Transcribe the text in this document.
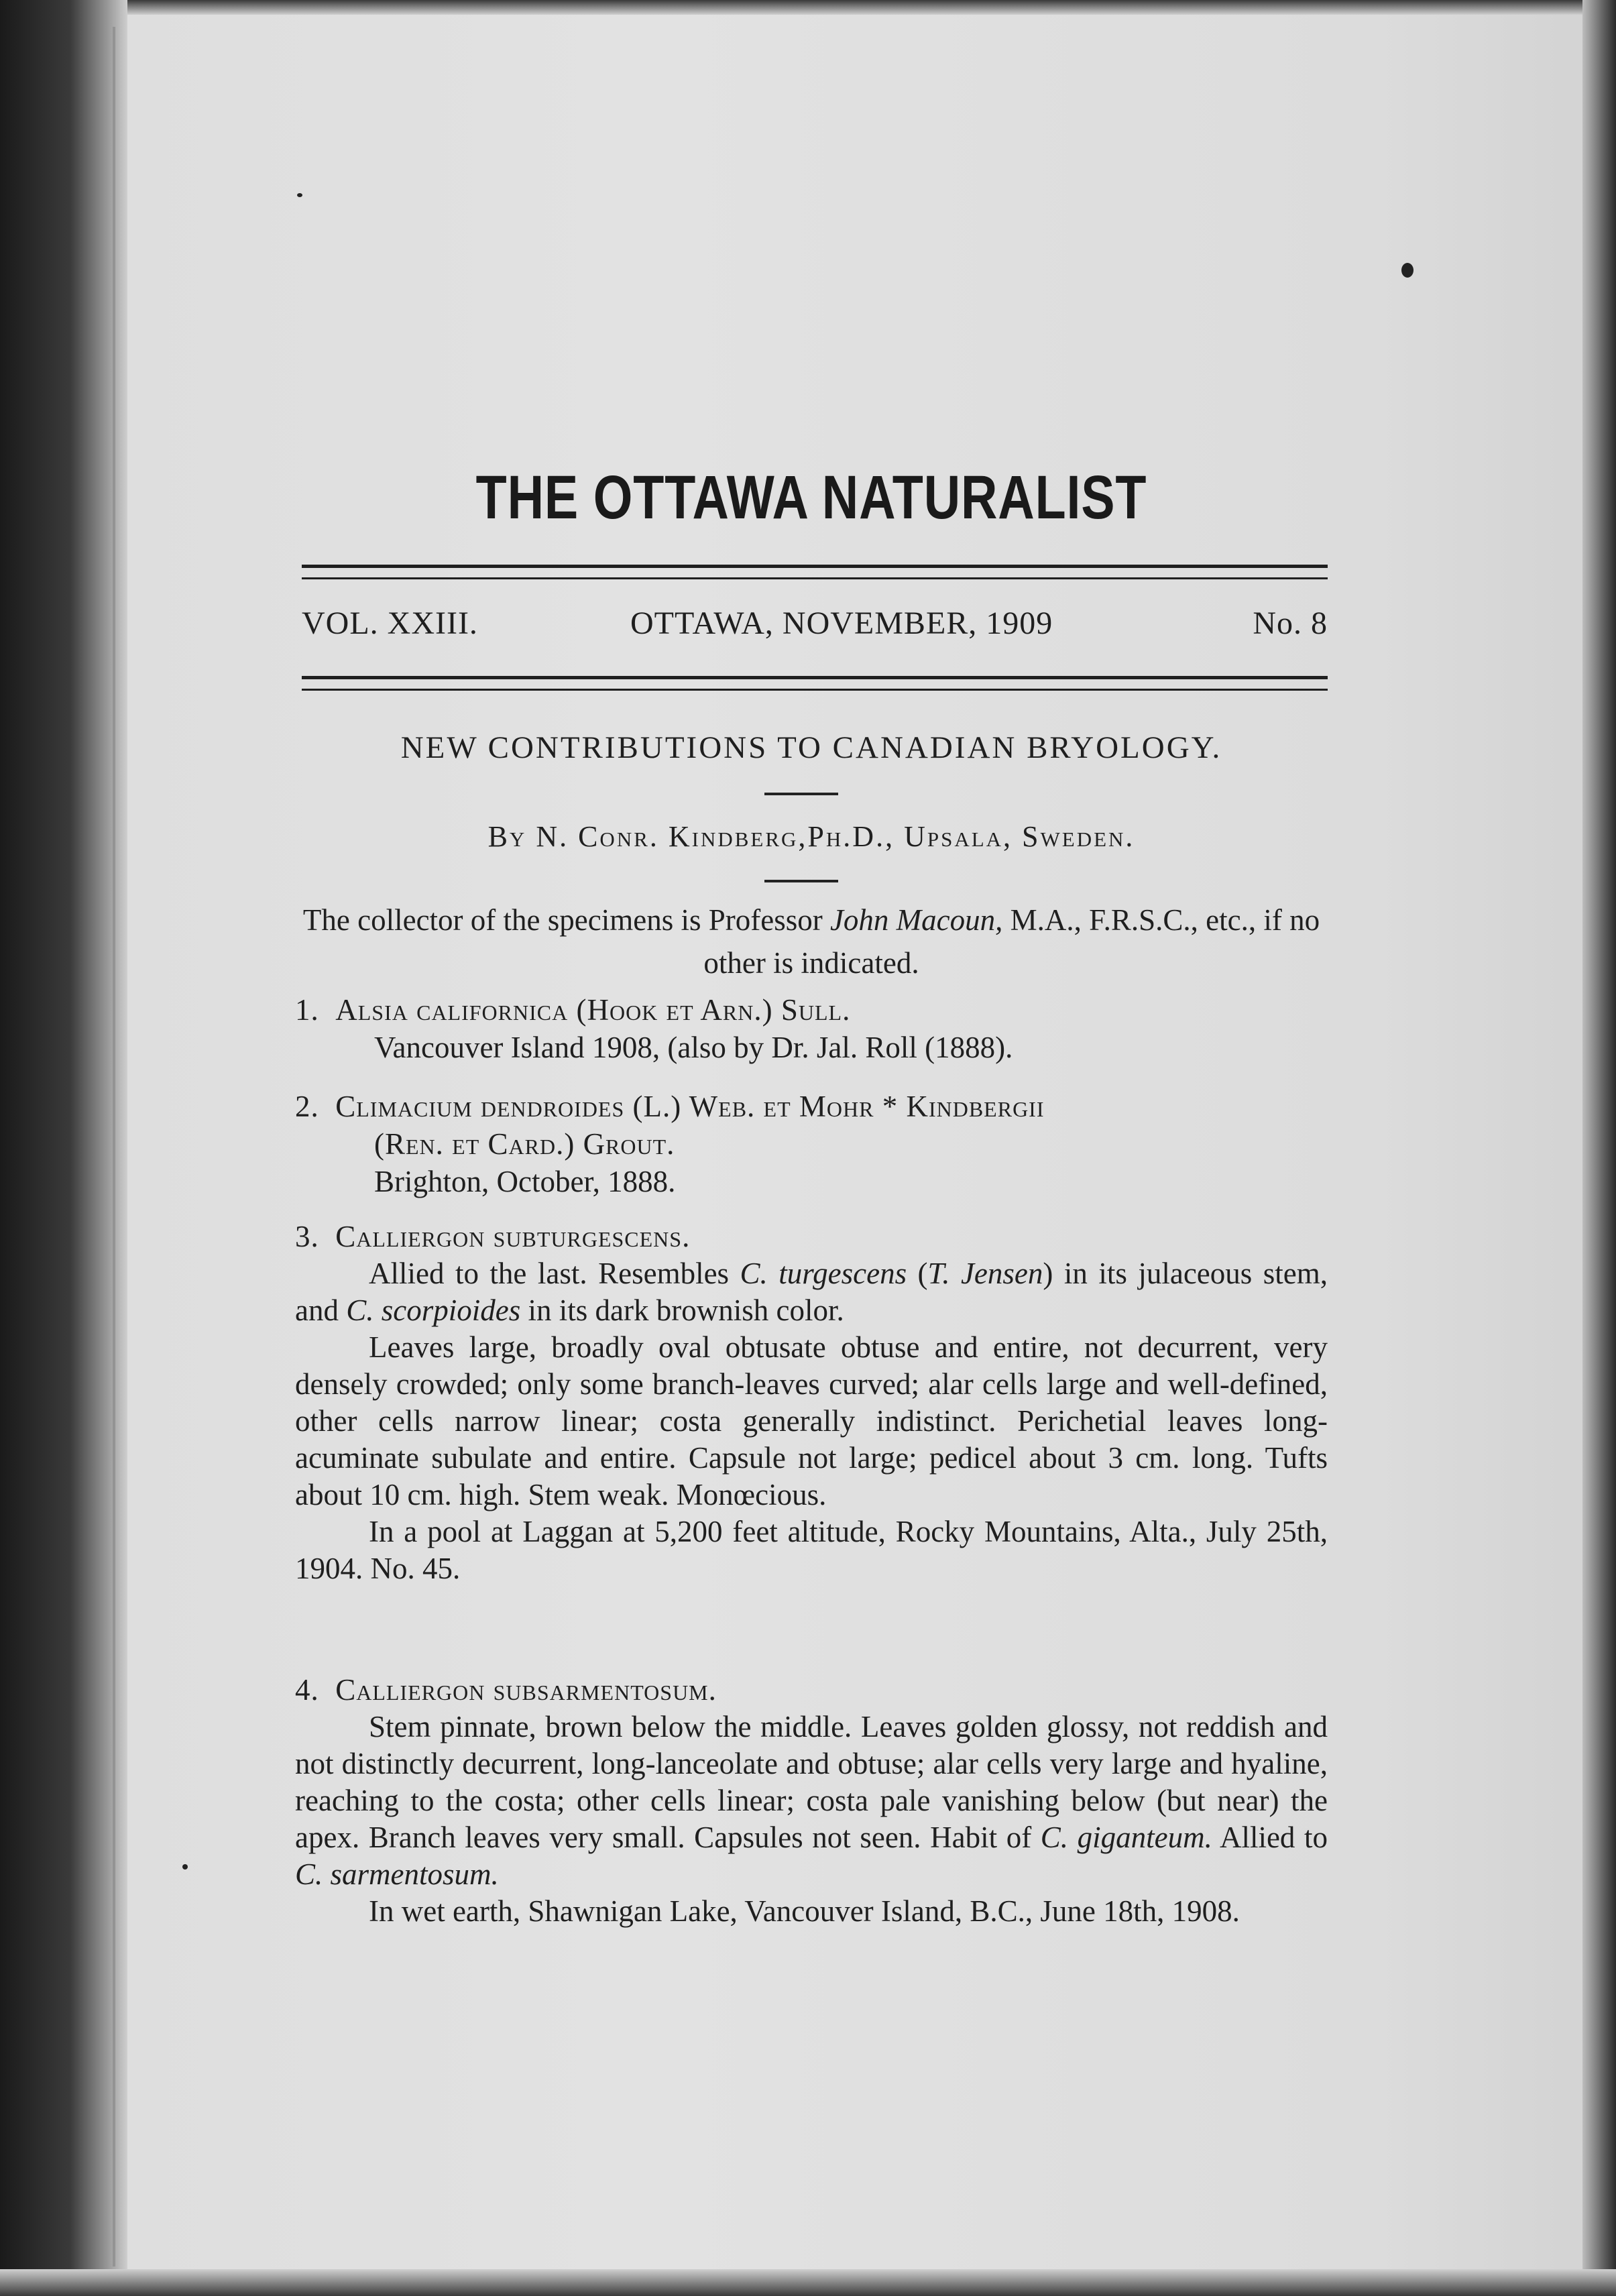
THE OTTAWA NATURALIST
VOL. XXIII.	OTTAWA, NOVEMBER, 1909	No. 8
NEW CONTRIBUTIONS TO CANADIAN BRYOLOGY.
By N. Conr. Kindberg,Ph.D., Upsala, Sweden.
The collector of the specimens is Professor John Macoun, M.A., F.R.S.C., etc., if no other is indicated.
1. Alsia californica (Hook et Arn.) Sull.
Vancouver Island 1908, (also by Dr. Jal. Roll (1888).
2. Climacium dendroides (L.) Web. et Mohr * Kindbergii
(Ren. et Card.) Grout.
Brighton, October, 1888.
3. Calliergon subturgescens.
Allied to the last. Resembles C. turgescens (T. Jensen) in its julaceous stem, and C. scorpioides in its dark brownish color.
Leaves large, broadly oval obtusate obtuse and entire, not decurrent, very densely crowded; only some branch-leaves curved; alar cells large and well-defined, other cells narrow linear; costa generally indistinct. Perichetial leaves long-acuminate subulate and entire. Capsule not large; pedicel about 3 cm. long. Tufts about 10 cm. high. Stem weak. Monœcious.
In a pool at Laggan at 5,200 feet altitude, Rocky Mountains, Alta., July 25th, 1904. No. 45.
4. Calliergon subsarmentosum.
Stem pinnate, brown below the middle. Leaves golden glossy, not reddish and not distinctly decurrent, long-lanceolate and obtuse; alar cells very large and hyaline, reaching to the costa; other cells linear; costa pale vanishing below (but near) the apex. Branch leaves very small. Capsules not seen. Habit of C. giganteum. Allied to C. sarmentosum.
In wet earth, Shawnigan Lake, Vancouver Island, B.C., June 18th, 1908.
